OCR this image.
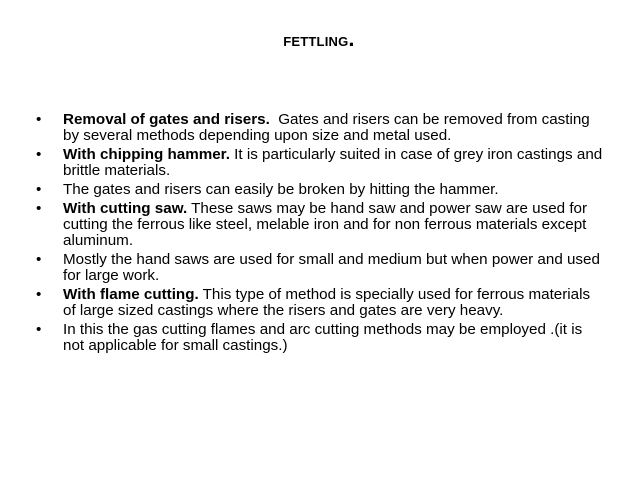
FETTLING.
• Removal of gates and risers.  Gates and risers can be removed from casting by several methods depending upon size and metal used.
• With chipping hammer. It is particularly suited in case of grey iron castings and brittle materials.
• The gates and risers can easily be broken by hitting the hammer.
• With cutting saw. These saws may be hand saw and power saw are used for cutting the ferrous like steel, melable iron and for non ferrous materials except aluminum.
• Mostly the hand saws are used for small and medium but when power and used for large work.
• With flame cutting. This type of method is specially used for ferrous materials of large sized castings where the risers and gates are very heavy.
• In this the gas cutting flames and arc cutting methods may be employed .(it is not applicable for small castings.)
